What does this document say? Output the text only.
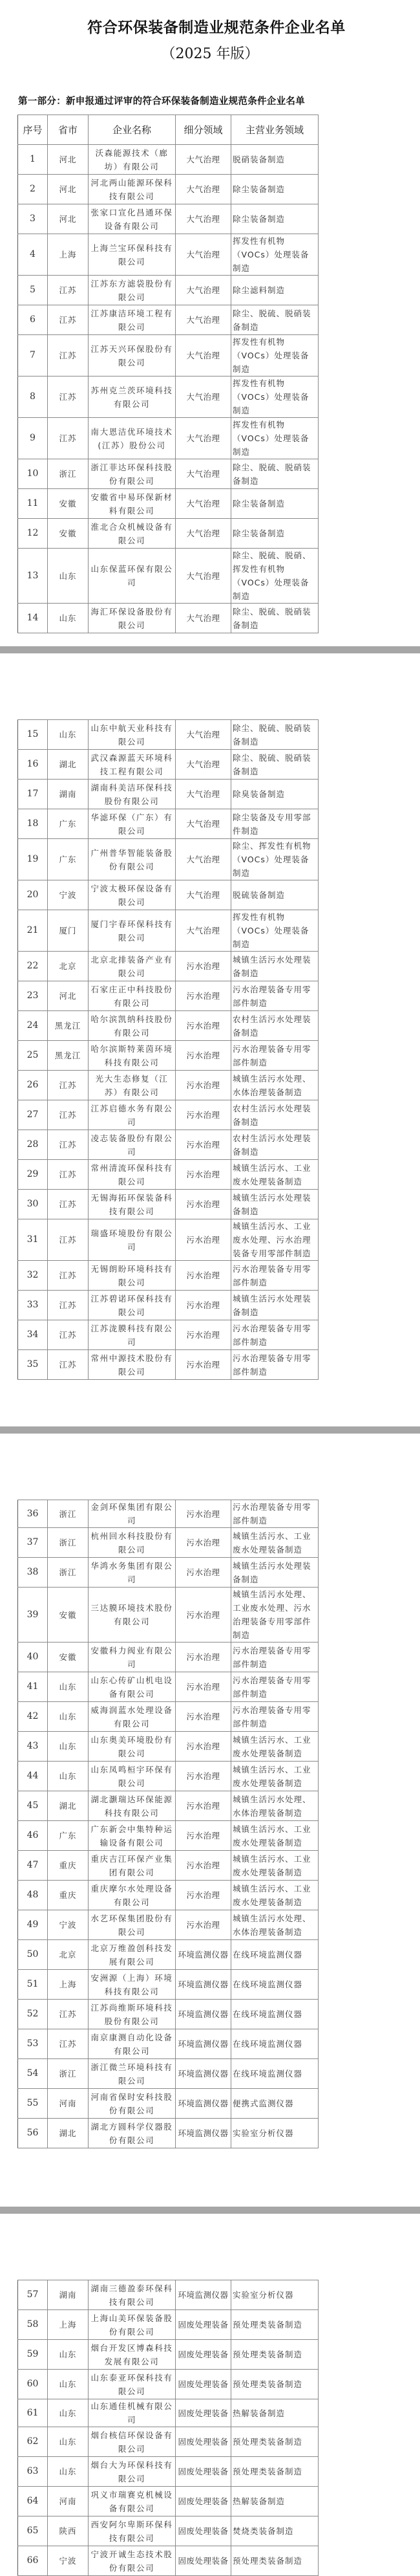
符合环保装备制造业规范条件企业名单
（2025 年版）
第一部分：新申报通过评审的符合环保装备制造业规范条件企业名单
序号	省市	企业名称	细分领域	主营业务领域
1	河北	沃森能源技术（廊坊）有限公司	大气治理	脱硝装备制造
2	河北	河北两山能源环保科技有限公司	大气治理	除尘装备制造
3	河北	张家口宣化昌通环保设备有限公司	大气治理	除尘装备制造
4	上海	上海兰宝环保科技有限公司	大气治理	挥发性有机物（VOCs）处理装备制造
5	江苏	江苏东方滤袋股份有限公司	大气治理	除尘滤料制造
6	江苏	江苏康洁环境工程有限公司	大气治理	除尘、脱硫、脱硝装备制造
7	江苏	江苏天兴环保股份有限公司	大气治理	挥发性有机物（VOCs）处理装备制造
8	江苏	苏州克兰茨环境科技有限公司	大气治理	挥发性有机物（VOCs）处理装备制造
9	江苏	南大恩洁优环境技术(江苏）股份公司	大气治理	挥发性有机物（VOCs）处理装备制造
10	浙江	浙江菲达环保科技股份有限公司	大气治理	除尘、脱硫、脱硝装备制造
11	安徽	安徽省中易环保新材料有限公司	大气治理	除尘装备制造
12	安徽	淮北合众机械设备有限公司	大气治理	除尘装备制造
13	山东	山东保蓝环保有限公司	大气治理	除尘、脱硫、脱硝、挥发性有机物（VOCs）处理装备制造
14	山东	海汇环保设备股份有限公司	大气治理	除尘、脱硫、脱硝装备制造
15	山东	山东中航天业科技有限公司	大气治理	除尘、脱硫、脱硝装备制造
16	湖北	武汉森源蓝天环境科技工程有限公司	大气治理	除尘、脱硫、脱硝装备制造
17	湖南	湖南科美洁环保科技股份有限公司	大气治理	除臭装备制造
18	广东	华滤环保（广东）有限公司	大气治理	除尘装备及专用零部件制造
19	广东	广州普华智能装备股份有限公司	大气治理	除尘、挥发性有机物（VOCs）处理装备制造
20	宁波	宁波太极环保设备有限公司	大气治理	脱硫装备制造
21	厦门	厦门宇春环保科技有限公司	大气治理	挥发性有机物（VOCs）处理装备制造
22	北京	北京北排装备产业有限公司	污水治理	城镇生活污水处理装备制造
23	河北	石家庄正中科技股份有限公司	污水治理	污水治理装备专用零部件制造
24	黑龙江	哈尔滨凯纳科技股份有限公司	污水治理	农村生活污水处理装备制造
25	黑龙江	哈尔滨斯特莱茵环境科技有限公司	污水治理	污水治理装备专用零部件制造
26	江苏	光大生态修复（江苏）有限公司	污水治理	城镇生活污水处理、水体治理装备制造
27	江苏	江苏启德水务有限公司	污水治理	农村生活污水处理装备制造
28	江苏	凌志装备股份有限公司	污水治理	农村生活污水处理装备制造
29	江苏	常州清流环保科技有限公司	污水治理	城镇生活污水、工业废水处理装备制造
30	江苏	无锡海拓环保装备科技有限公司	污水治理	城镇生活污水处理装备制造
31	江苏	瑞盛环境股份有限公司	污水治理	城镇生活污水、工业废水处理、污水治理装备专用零部件制造
32	江苏	无锡朗盼环境科技有限公司	污水治理	污水治理装备专用零部件制造
33	江苏	江苏碧诺环保科技有限公司	污水治理	城镇生活污水处理装备制造
34	江苏	江苏泷膜科技有限公司	污水治理	污水治理装备专用零部件制造
35	江苏	常州中源技术股份有限公司	污水治理	污水治理装备专用零部件制造
36	浙江	金剑环保集团有限公司	污水治理	污水治理装备专用零部件制造
37	浙江	杭州回水科技股份有限公司	污水治理	城镇生活污水、工业废水处理装备制造
38	浙江	华鸿水务集团有限公司	污水治理	城镇生活污水处理装备制造
39	安徽	三达膜环境技术股份有限公司	污水治理	城镇生活污水处理、工业废水处理、污水治理装备专用零部件制造
40	安徽	安徽科力阀业有限公司	污水治理	污水治理装备专用零部件制造
41	山东	山东心传矿山机电设备有限公司	污水治理	污水治理装备专用零部件制造
42	山东	威海润蓝水处理设备有限公司	污水治理	污水治理装备专用零部件制造
43	山东	山东奥美环境股份有限公司	污水治理	城镇生活污水、工业废水处理装备制造
44	山东	山东凤鸣桓宇环保有限公司	污水治理	城镇生活污水、工业废水处理装备制造
45	湖北	湖北灏瑞达环保能源科技有限公司	污水治理	城镇生活污水处理、水体治理装备制造
46	广东	广东新会中集特种运输设备有限公司	污水治理	城镇生活污水、工业废水处理装备制造
47	重庆	重庆吉江环保产业集团有限公司	污水治理	城镇生活污水、工业废水处理装备制造
48	重庆	重庆摩尔水处理设备有限公司	污水治理	城镇生活污水、工业废水处理装备制造
49	宁波	水艺环保集团股份有限公司	污水治理	城镇生活污水处理、水体治理装备制造
50	北京	北京万维盈创科技发展有限公司	环境监测仪器	在线环境监测仪器
51	上海	安洲源（上海）环境科技有限公司	环境监测仪器	在线环境监测仪器
52	江苏	江苏尚维斯环境科技股份有限公司	环境监测仪器	在线环境监测仪器
53	江苏	南京康测自动化设备有限公司	环境监测仪器	在线环境监测仪器
54	浙江	浙江微兰环境科技有限公司	环境监测仪器	在线环境监测仪器
55	河南	河南省保时安科技股份有限公司	环境监测仪器	便携式监测仪器
56	湖北	湖北方圆科学仪器股份有限公司	环境监测仪器	实验室分析仪器
57	湖南	湖南三德盈泰环保科技有限公司	环境监测仪器	实验室分析仪器
58	上海	上海山美环保装备股份有限公司	固废处理装备	预处理类装备制造
59	山东	烟台开发区博森科技发展有限公司	固废处理装备	预处理类装备制造
60	山东	山东泰亚环保科技有限公司	固废处理装备	预处理类装备制造
61	山东	山东通佳机械有限公司	固废处理装备	热解装备制造
62	山东	烟台核信环保设备有限公司	固废处理装备	预处理类装备制造
63	山东	烟台大为环保科技有限公司	固废处理装备	预处理类装备制造
64	河南	巩义市瑞赛克机械设备有限公司	固废处理装备	热解装备制造
65	陕西	西安阿尔卑斯环保科技有限公司	固废处理装备	焚烧类装备制造
66	宁波	宁波开诚生态技术股份有限公司	固废处理装备	预处理类装备制造
